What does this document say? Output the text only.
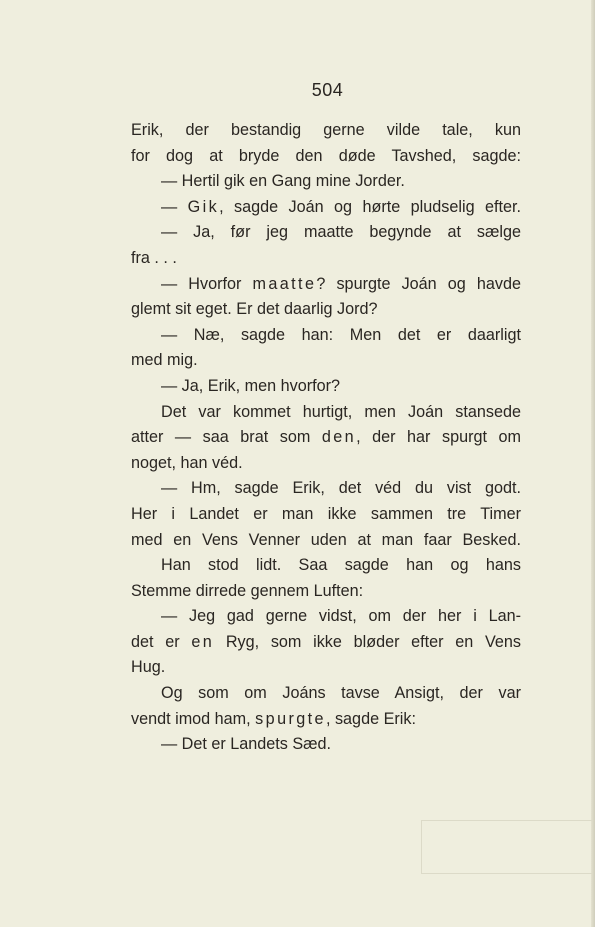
504
Erik, der bestandig gerne vilde tale, kun
for dog at bryde den døde Tavshed, sagde:
— Hertil gik en Gang mine Jorder.
— Gik, sagde Joán og hørte pludselig efter.
— Ja, før jeg maatte begynde at sælge
fra . . .
— Hvorfor maatte? spurgte Joán og havde
glemt sit eget. Er det daarlig Jord?
— Næ, sagde han: Men det er daarligt
med mig.
— Ja, Erik, men hvorfor?
Det var kommet hurtigt, men Joán stansede
atter — saa brat som den, der har spurgt om
noget, han véd.
— Hm, sagde Erik, det véd du vist godt.
Her i Landet er man ikke sammen tre Timer
med en Vens Venner uden at man faar Besked.
Han stod lidt. Saa sagde han og hans
Stemme dirrede gennem Luften:
— Jeg gad gerne vidst, om der her i Lan-
det er en Ryg, som ikke bløder efter en Vens
Hug.
Og som om Joáns tavse Ansigt, der var
vendt imod ham, spurgte, sagde Erik:
— Det er Landets Sæd.
